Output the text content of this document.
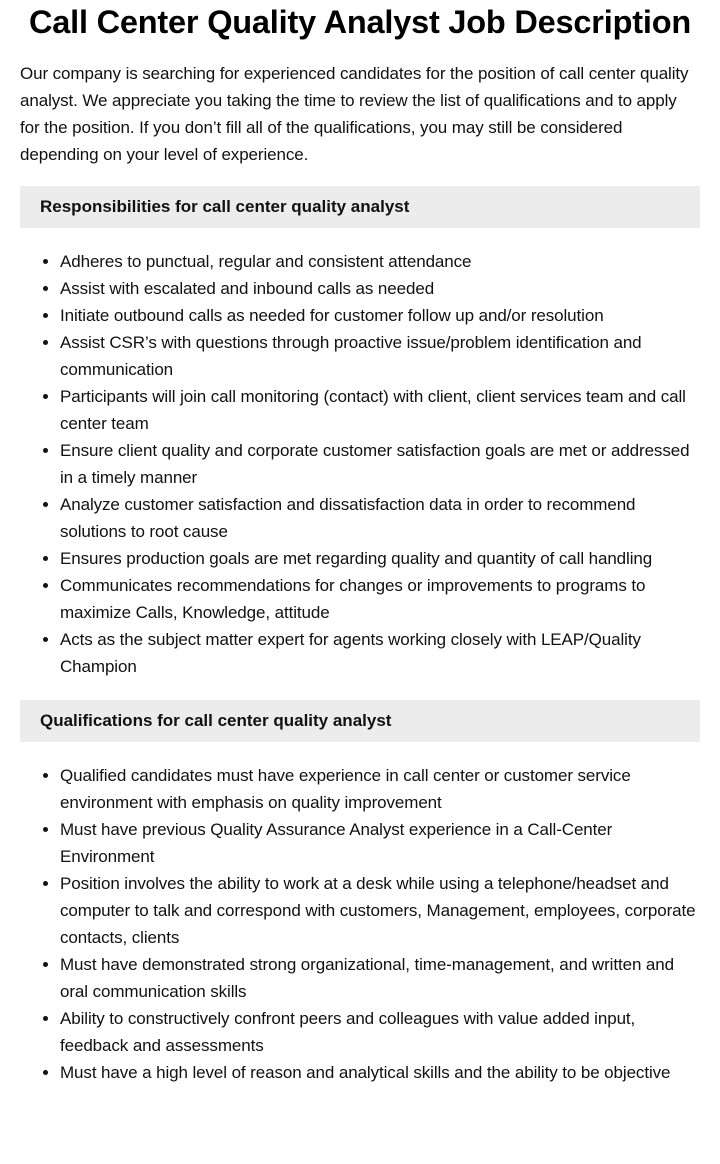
Call Center Quality Analyst Job Description

Our company is searching for experienced candidates for the position of call center quality analyst. We appreciate you taking the time to review the list of qualifications and to apply for the position. If you don’t fill all of the qualifications, you may still be considered depending on your level of experience.

Responsibilities for call center quality analyst
Adheres to punctual, regular and consistent attendance
Assist with escalated and inbound calls as needed
Initiate outbound calls as needed for customer follow up and/or resolution
Assist CSR’s with questions through proactive issue/problem identification and communication
Participants will join call monitoring (contact) with client, client services team and call center team
Ensure client quality and corporate customer satisfaction goals are met or addressed in a timely manner
Analyze customer satisfaction and dissatisfaction data in order to recommend solutions to root cause
Ensures production goals are met regarding quality and quantity of call handling
Communicates recommendations for changes or improvements to programs to maximize Calls, Knowledge, attitude
Acts as the subject matter expert for agents working closely with LEAP/Quality Champion
Qualifications for call center quality analyst
Qualified candidates must have experience in call center or customer service environment with emphasis on quality improvement
Must have previous Quality Assurance Analyst experience in a Call-Center Environment
Position involves the ability to work at a desk while using a telephone/headset and computer to talk and correspond with customers, Management, employees, corporate contacts, clients
Must have demonstrated strong organizational, time-management, and written and oral communication skills
Ability to constructively confront peers and colleagues with value added input, feedback and assessments
Must have a high level of reason and analytical skills and the ability to be objective
